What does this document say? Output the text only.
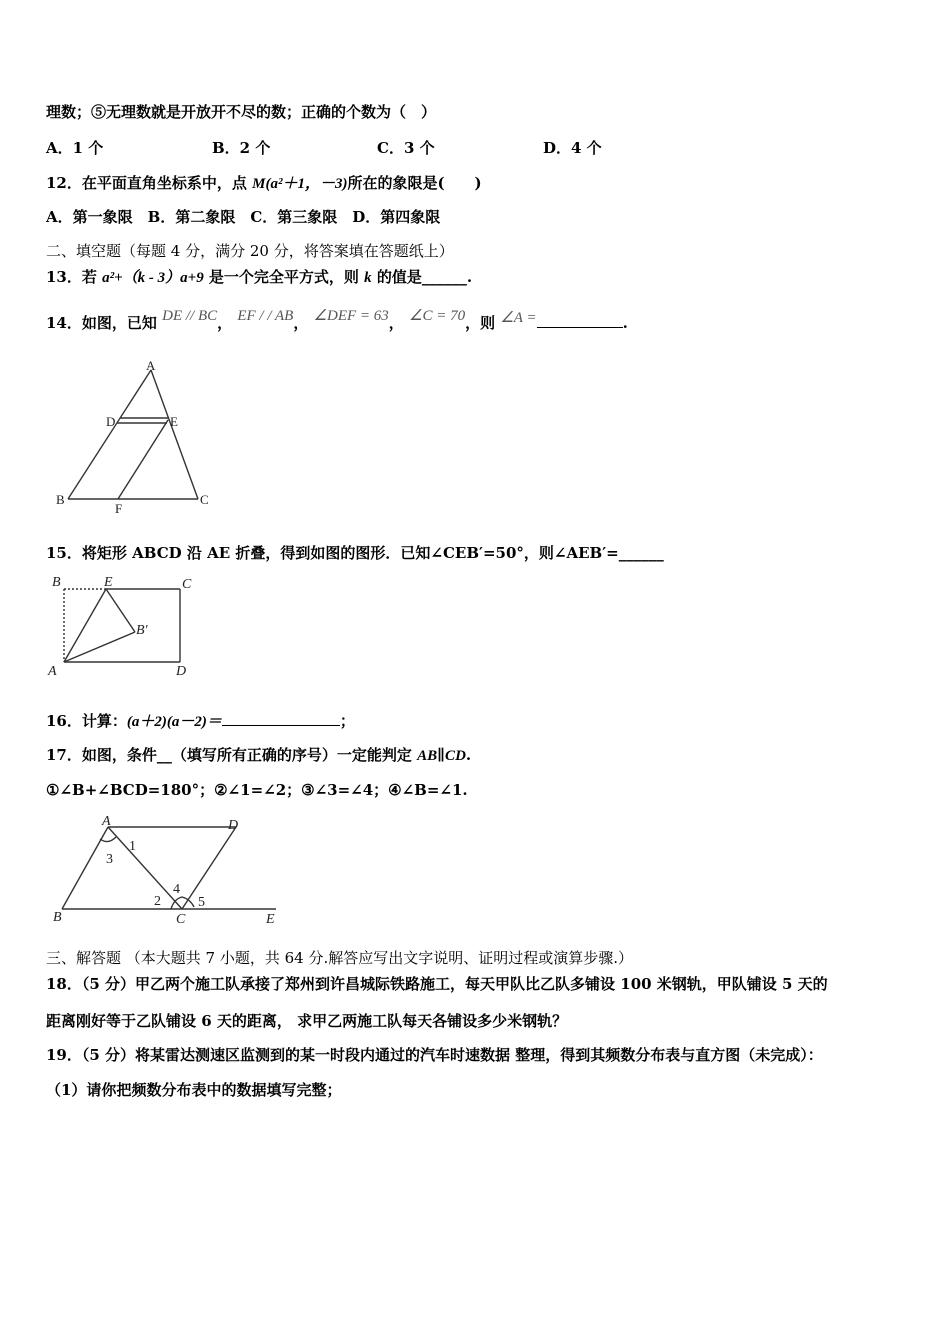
理数；⑤无理数就是开放开不尽的数；正确的个数为（　）
A．1 个	B．2 个	C．3 个	D．4 个
12．在平面直角坐标系中，点 M(a²＋1，－3)所在的象限是(　　)
A．第一象限　B．第二象限　C．第三象限　D．第四象限
二、填空题（每题 4 分，满分 20 分，将答案填在答题纸上）
13．若 a²+（k - 3）a+9 是一个完全平方式，则 k 的值是______.
14．如图，已知 DE // BC， EF / / AB， ∠DEF = 63， ∠C = 70，则 ∠A =	.
A
D	E
B
F
C
15．将矩形 ABCD 沿 AE 折叠，得到如图的图形．已知∠CEB′=50°，则∠AEB′=______
B	E	C
B′
A	D
16．计算：(a＋2)(a－2)＝	；
17．如图，条件__（填写所有正确的序号）一定能判定 AB∥CD.
①∠B+∠BCD=180°；②∠1=∠2；③∠3=∠4；④∠B=∠1.
A	D
3
1
2
4
5
B	C	E
三、解答题 （本大题共 7 小题，共 64 分.解答应写出文字说明、证明过程或演算步骤.）
18．（5 分）甲乙两个施工队承接了郑州到许昌城际铁路施工，每天甲队比乙队多铺设 100 米钢轨，甲队铺设 5 天的
距离刚好等于乙队铺设 6 天的距离， 求甲乙两施工队每天各铺设多少米钢轨？
19．（5 分）将某雷达测速区监测到的某一时段内通过的汽车时速数据 整理，得到其频数分布表与直方图（未完成）：
（1）请你把频数分布表中的数据填写完整；
